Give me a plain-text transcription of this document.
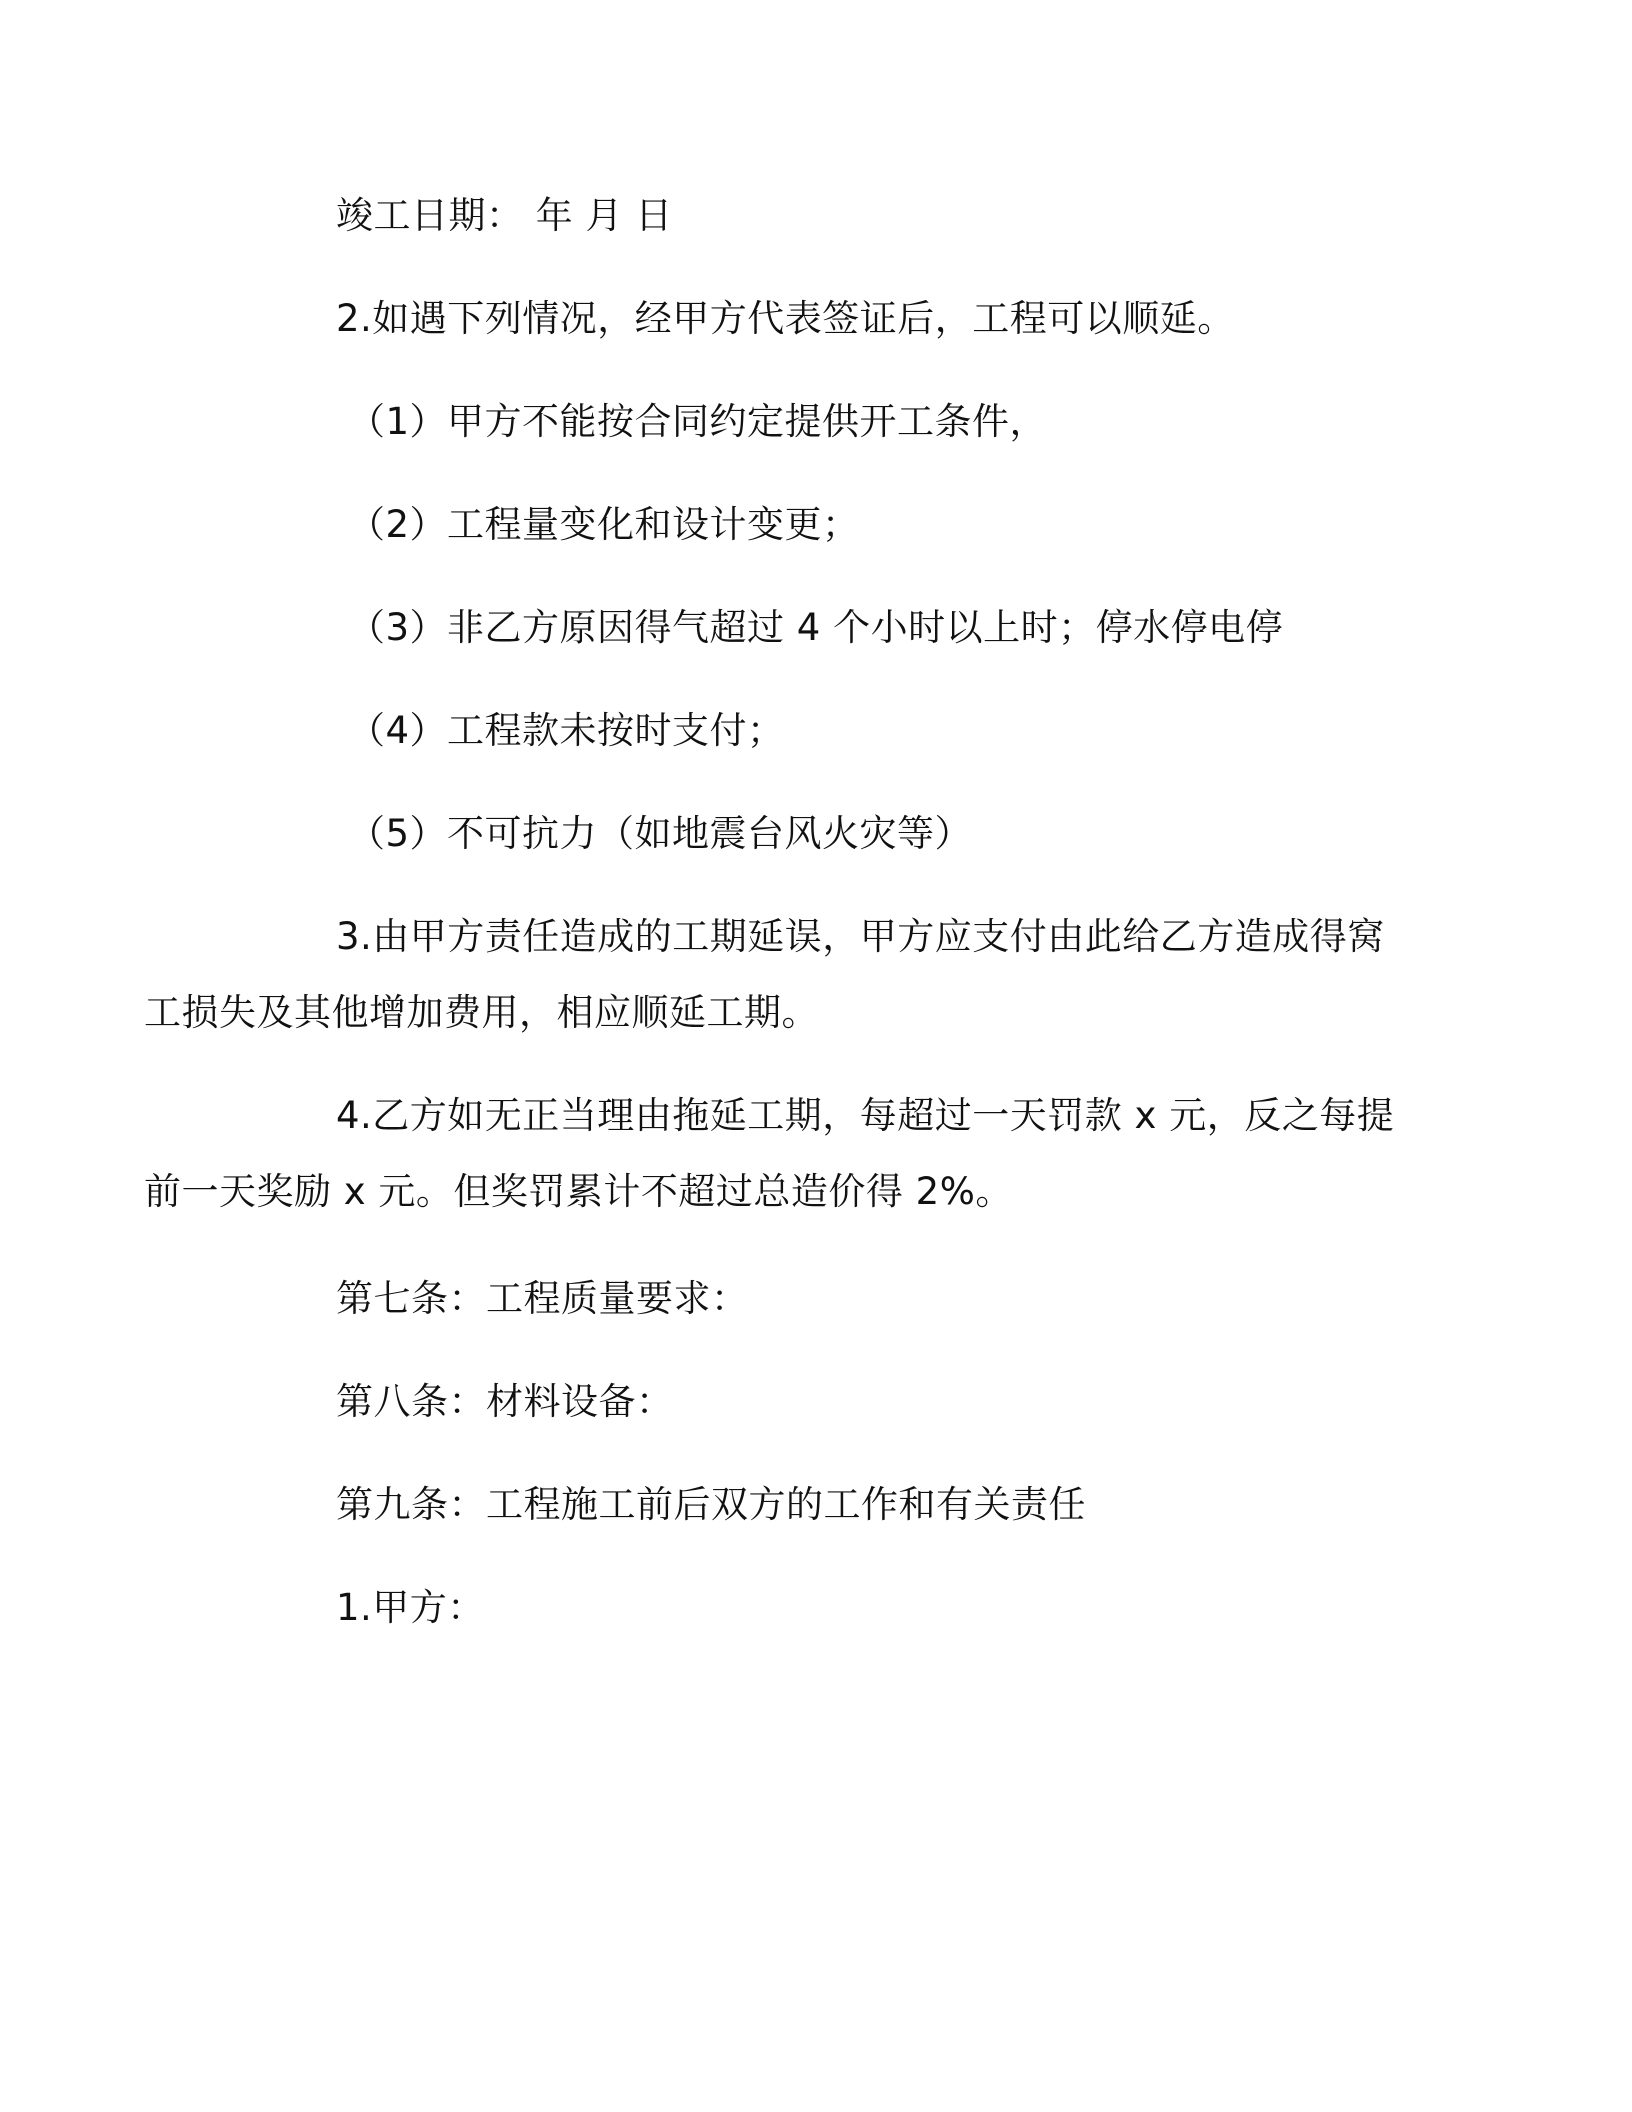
竣工日期： 年 月 日

2.如遇下列情况，经甲方代表签证后，工程可以顺延。

（1）甲方不能按合同约定提供开工条件，

（2）工程量变化和设计变更；

（3）非乙方原因得气超过 4 个小时以上时；停水停电停

（4）工程款未按时支付；

（5）不可抗力（如地震台风火灾等）

3.由甲方责任造成的工期延误，甲方应支付由此给乙方造成得窝
工损失及其他增加费用，相应顺延工期。

4.乙方如无正当理由拖延工期，每超过一天罚款 x 元，反之每提
前一天奖励 x 元。但奖罚累计不超过总造价得 2%。

第七条：工程质量要求：

第八条：材料设备：

第九条：工程施工前后双方的工作和有关责任

1.甲方：
